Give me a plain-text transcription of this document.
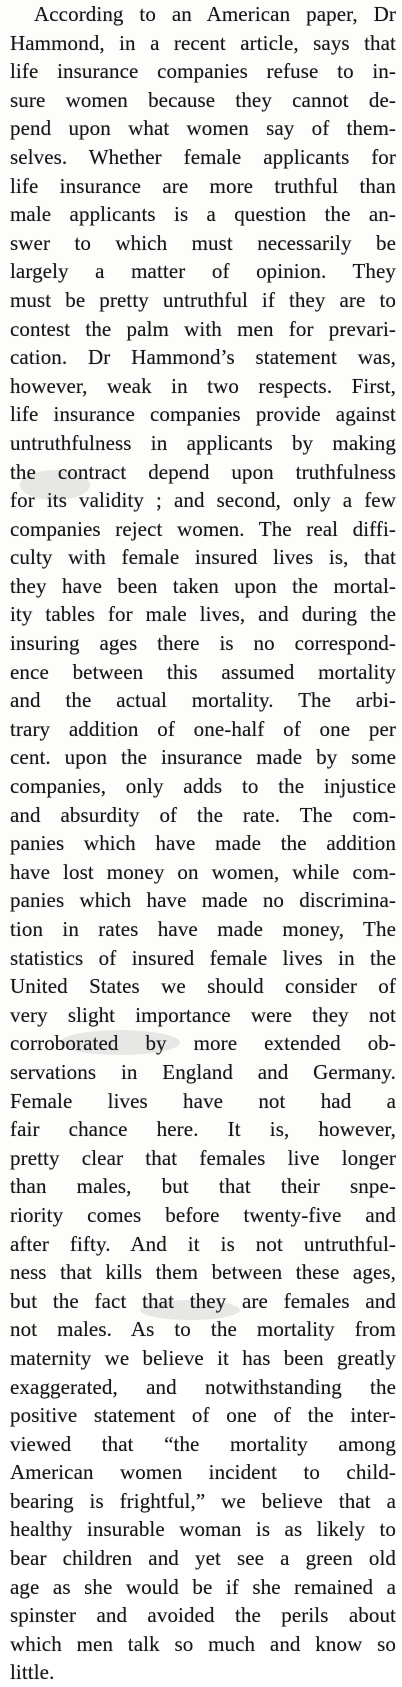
According to an American paper, Dr
Hammond, in a recent article, says that
life insurance companies refuse to in-
sure women because they cannot de-
pend upon what women say of them-
selves. Whether female applicants for
life insurance are more truthful than
male applicants is a question the an-
swer to which must necessarily be
largely a matter of opinion. They
must be pretty untruthful if they are to
contest the palm with men for prevari-
cation. Dr Hammond’s statement was,
however, weak in two respects. First,
life insurance companies provide against
untruthfulness in applicants by making
the contract depend upon truthfulness
for its validity ; and second, only a few
companies reject women. The real diffi-
culty with female insured lives is, that
they have been taken upon the mortal-
ity tables for male lives, and during the
insuring ages there is no correspond-
ence between this assumed mortality
and the actual mortality. The arbi-
trary addition of one-half of one per
cent. upon the insurance made by some
companies, only adds to the injustice
and absurdity of the rate. The com-
panies which have made the addition
have lost money on women, while com-
panies which have made no discrimina-
tion in rates have made money, The
statistics of insured female lives in the
United States we should consider of
very slight importance were they not
corroborated by more extended ob-
servations in England and Germany.
Female lives have not had a
fair chance here. It is, however,
pretty clear that females live longer
than males, but that their snpe-
riority comes before twenty-five and
after fifty. And it is not untruthful-
ness that kills them between these ages,
but the fact that they are females and
not males. As to the mortality from
maternity we believe it has been greatly
exaggerated, and notwithstanding the
positive statement of one of the inter-
viewed that “the mortality among
American women incident to child-
bearing is frightful,” we believe that a
healthy insurable woman is as likely to
bear children and yet see a green old
age as she would be if she remained a
spinster and avoided the perils about
which men talk so much and know so
little.
